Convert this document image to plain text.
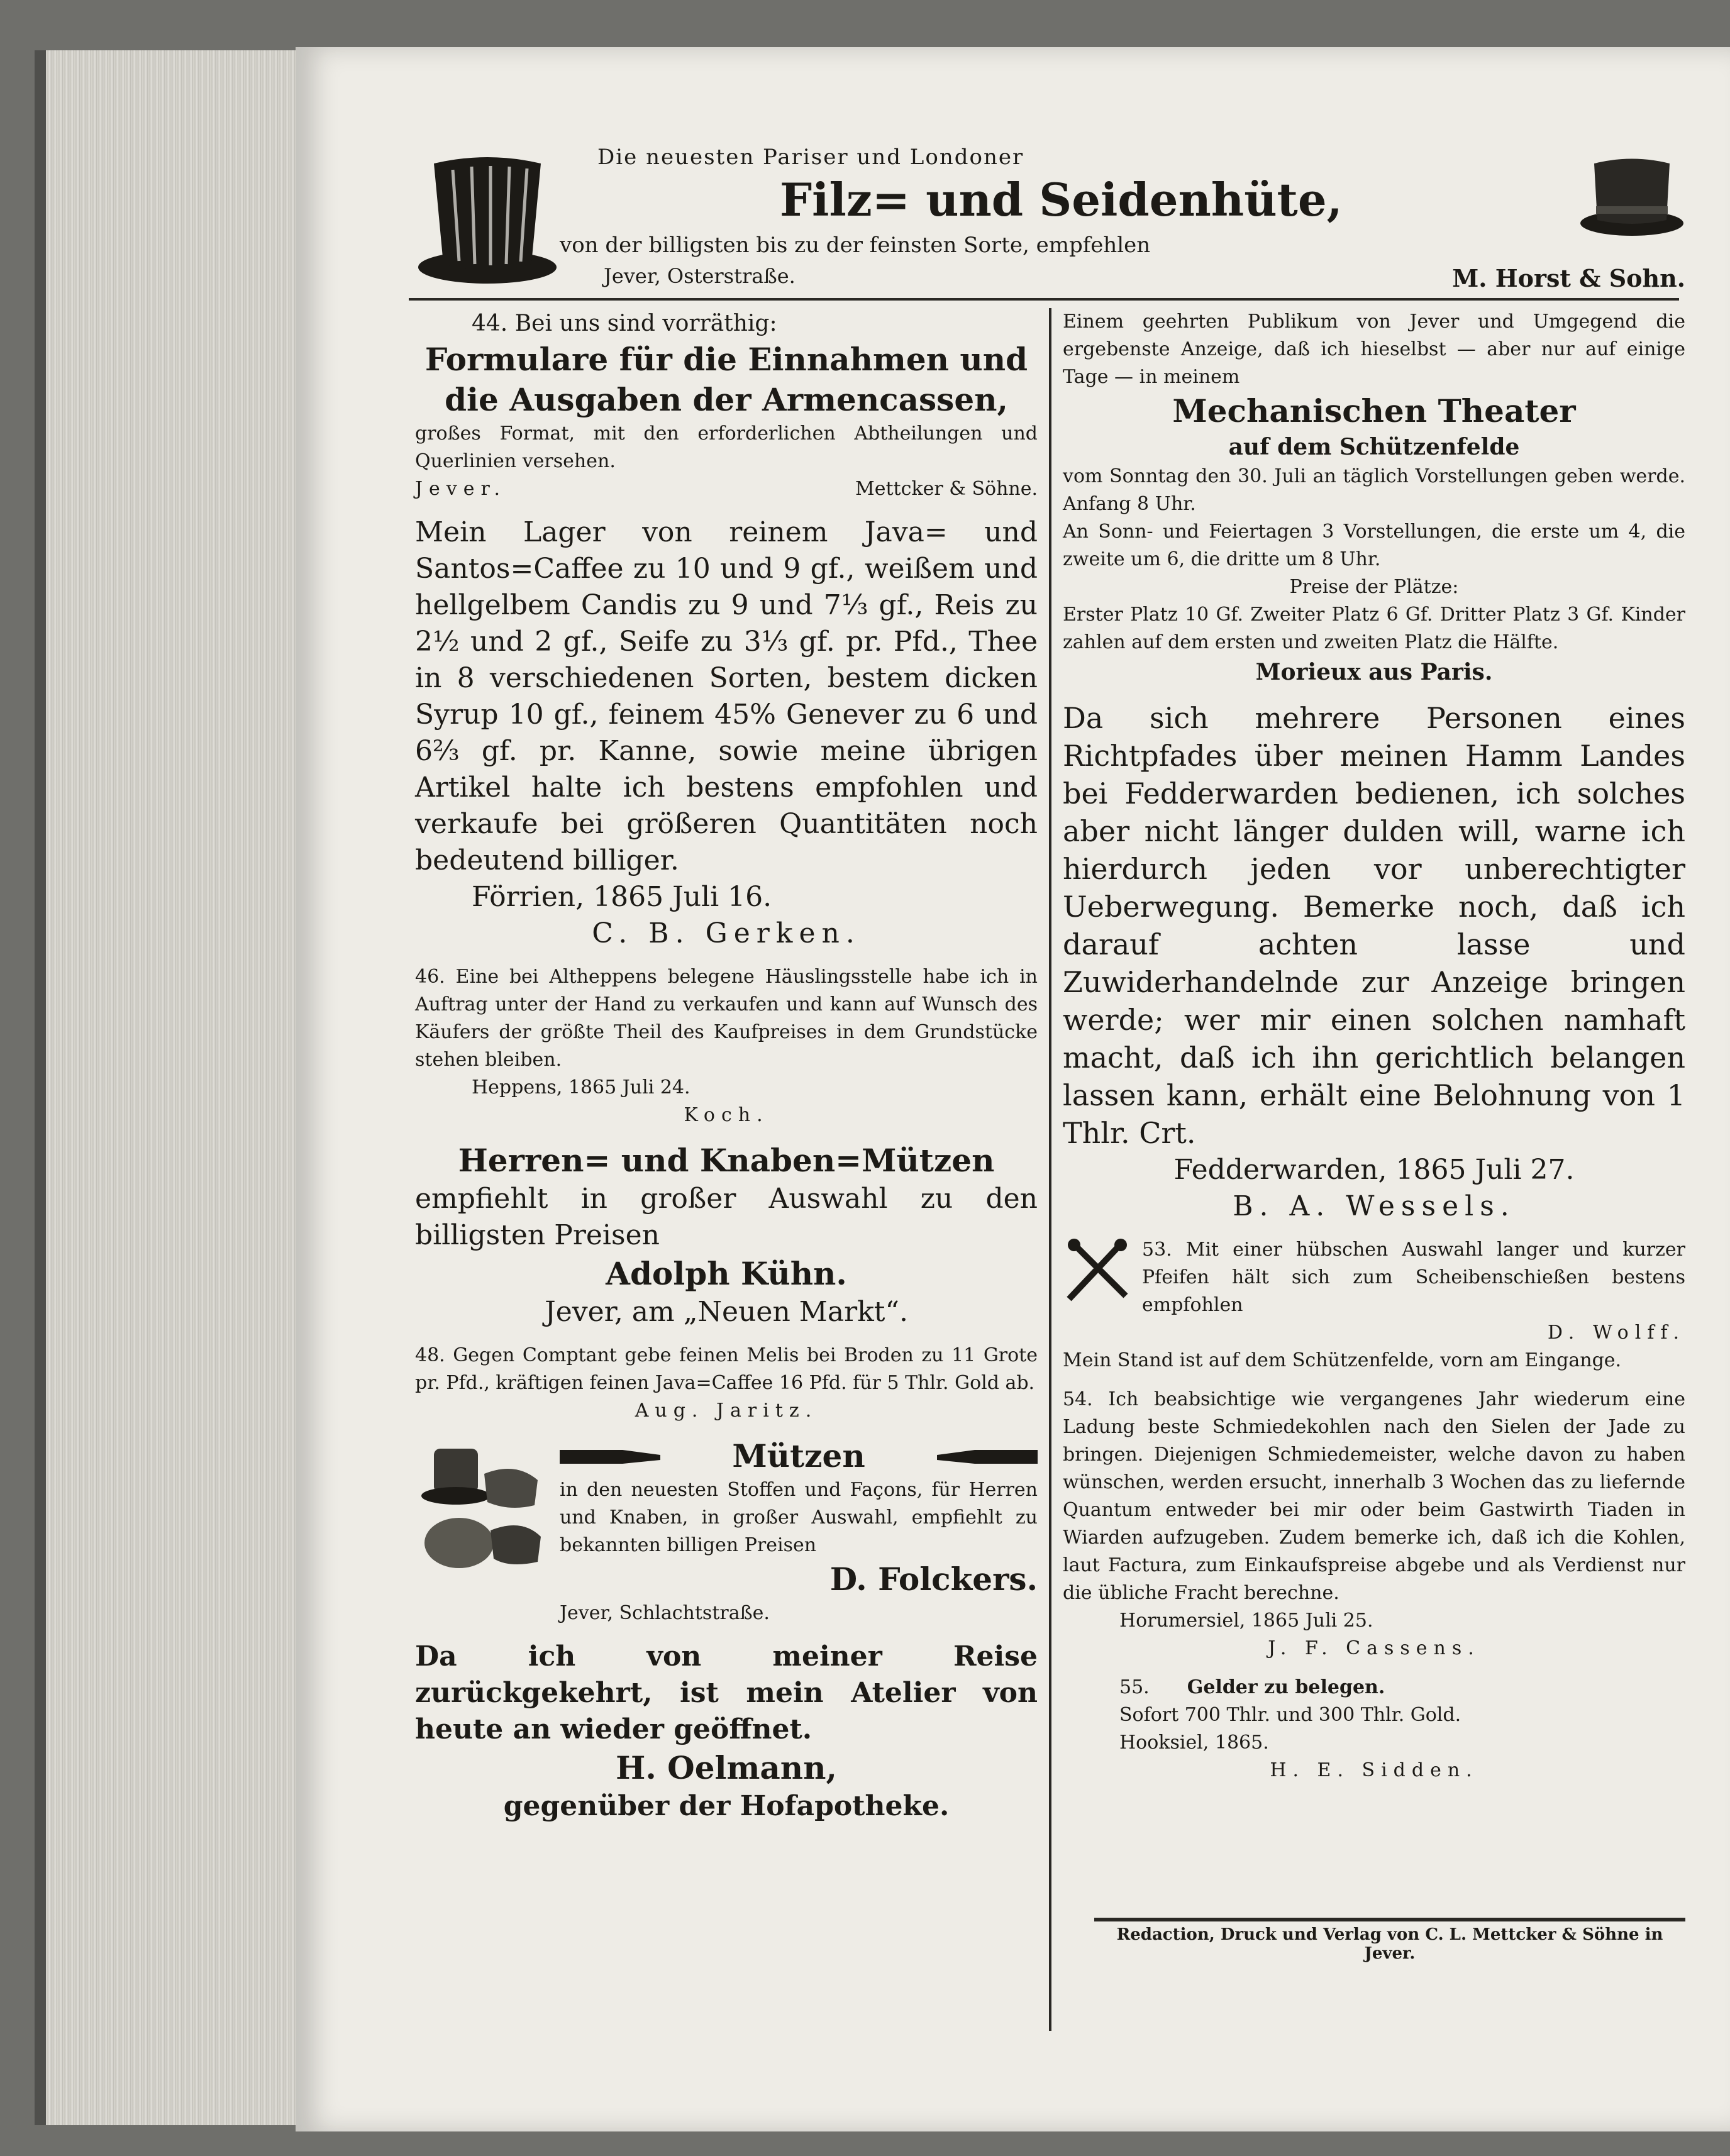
Die neuesten Pariser und Londoner
Filz= und Seidenhüte,
von der billigsten bis zu der feinsten Sorte, empfehlen
Jever, Osterstraße.	M. Horst & Sohn.

44. Bei uns sind vorräthig:

Formulare für die Einnahmen und die Ausgaben der Armencassen,

großes Format, mit den erforderlichen Abtheilungen und Querlinien versehen.

Jever.	Mettcker & Söhne.

Mein Lager von reinem Java= und Santos=Caffee zu 10 und 9 gf., weißem und hellgelbem Candis zu 9 und 7⅓ gf., Reis zu 2½ und 2 gf., Seife zu 3⅓ gf. pr. Pfd., Thee in 8 verschiedenen Sorten, bestem dicken Syrup 10 gf., feinem 45% Genever zu 6 und 6⅔ gf. pr. Kanne, sowie meine übrigen Artikel halte ich bestens empfohlen und verkaufe bei größeren Quantitäten noch bedeutend billiger.

Förrien, 1865 Juli 16.

C. B. Gerken.

46. Eine bei Altheppens belegene Häuslingsstelle habe ich in Auftrag unter der Hand zu verkaufen und kann auf Wunsch des Käufers der größte Theil des Kaufpreises in dem Grundstücke stehen bleiben.

Heppens, 1865 Juli 24.

Koch.

Herren= und Knaben=Mützen

empfiehlt in großer Auswahl zu den billigsten Preisen

Adolph Kühn.

Jever, am „Neuen Markt“.

48. Gegen Comptant gebe feinen Melis bei Broden zu 11 Grote pr. Pfd., kräftigen feinen Java=Caffee 16 Pfd. für 5 Thlr. Gold ab.

Aug. Jaritz.

Mützen

in den neuesten Stoffen und Façons, für Herren und Knaben, in großer Auswahl, empfiehlt zu bekannten billigen Preisen

D. Folckers.

Jever, Schlachtstraße.

Da ich von meiner Reise zurückgekehrt, ist mein Atelier von heute an wieder geöffnet.

H. Oelmann,

gegenüber der Hofapotheke.

Einem geehrten Publikum von Jever und Umgegend die ergebenste Anzeige, daß ich hieselbst — aber nur auf einige Tage — in meinem

Mechanischen Theater

auf dem Schützenfelde

vom Sonntag den 30. Juli an täglich Vorstellungen geben werde. Anfang 8 Uhr.

An Sonn- und Feiertagen 3 Vorstellungen, die erste um 4, die zweite um 6, die dritte um 8 Uhr.

Preise der Plätze:

Erster Platz 10 Gf. Zweiter Platz 6 Gf. Dritter Platz 3 Gf. Kinder zahlen auf dem ersten und zweiten Platz die Hälfte.

Morieux aus Paris.

Da sich mehrere Personen eines Richtpfades über meinen Hamm Landes bei Fedderwarden bedienen, ich solches aber nicht länger dulden will, warne ich hierdurch jeden vor unberechtigter Ueberwegung. Bemerke noch, daß ich darauf achten lasse und Zuwiderhandelnde zur Anzeige bringen werde; wer mir einen solchen namhaft macht, daß ich ihn gerichtlich belangen lassen kann, erhält eine Belohnung von 1 Thlr. Crt.

Fedderwarden, 1865 Juli 27.

B. A. Wessels.

53. Mit einer hübschen Auswahl langer und kurzer Pfeifen hält sich zum Scheibenschießen bestens empfohlen

D. Wolff.

Mein Stand ist auf dem Schützenfelde, vorn am Eingange.

54. Ich beabsichtige wie vergangenes Jahr wiederum eine Ladung beste Schmiedekohlen nach den Sielen der Jade zu bringen. Diejenigen Schmiedemeister, welche davon zu haben wünschen, werden ersucht, innerhalb 3 Wochen das zu liefernde Quantum entweder bei mir oder beim Gastwirth Tiaden in Wiarden aufzugeben. Zudem bemerke ich, daß ich die Kohlen, laut Factura, zum Einkaufspreise abgebe und als Verdienst nur die übliche Fracht berechne.

Horumersiel, 1865 Juli 25.

J. F. Cassens.

55. Gelder zu belegen.

Sofort 700 Thlr. und 300 Thlr. Gold.

Hooksiel, 1865.

H. E. Sidden.

Redaction, Druck und Verlag von C. L. Mettcker & Söhne in Jever.
